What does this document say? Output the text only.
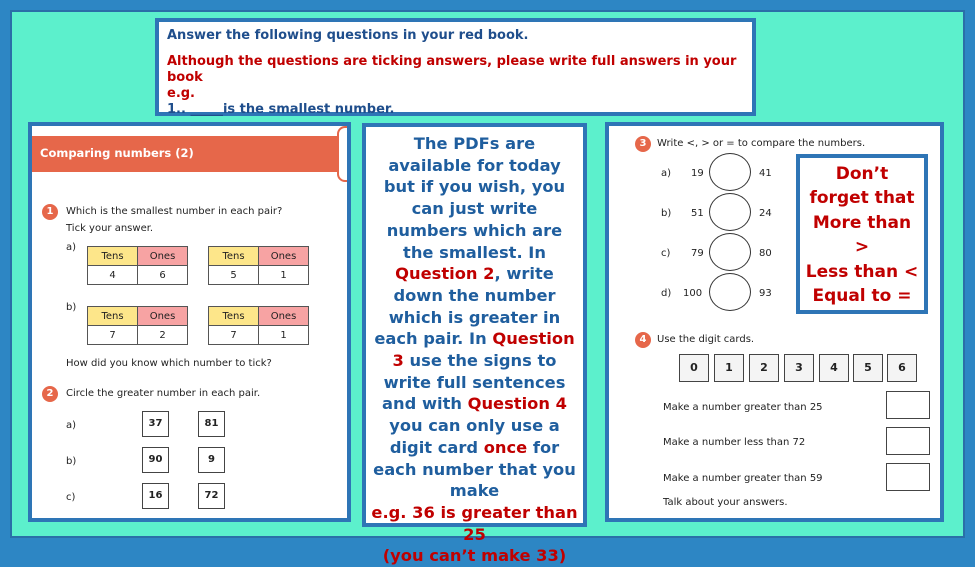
Answer the following questions in your red book.
Although the questions are ticking answers, please write full answers in your book
e.g.
1.. _____is the smallest number.
Comparing numbers (2)
1	Which is the smallest number in each pair?
Tick your answer.
a)
Tens	Ones
4	6
Tens	Ones
5	1
b)
Tens	Ones
7	2
Tens	Ones
7	1
How did you know which number to tick?
2	Circle the greater number in each pair.
a)	37	81
b)	90	9
c)	16	72
The PDFs are available for today but if you wish, you can just write numbers which are the smallest. In Question 2, write down the number which is greater in each pair. In Question 3 use the signs to write full sentences and with Question 4 you can only use a digit card once for each number that you make
e.g. 36 is greater than 25
(you can’t make 33)
3	Write <, > or = to compare the numbers.
a) 19	41
b) 51	24
c) 79	80
d) 100	93
Don’t
forget that
More than
>
Less than <
Equal to =
4	Use the digit cards.
0	1	2	3	4	5	6
Make a number greater than 25
Make a number less than 72
Make a number greater than 59
Talk about your answers.
